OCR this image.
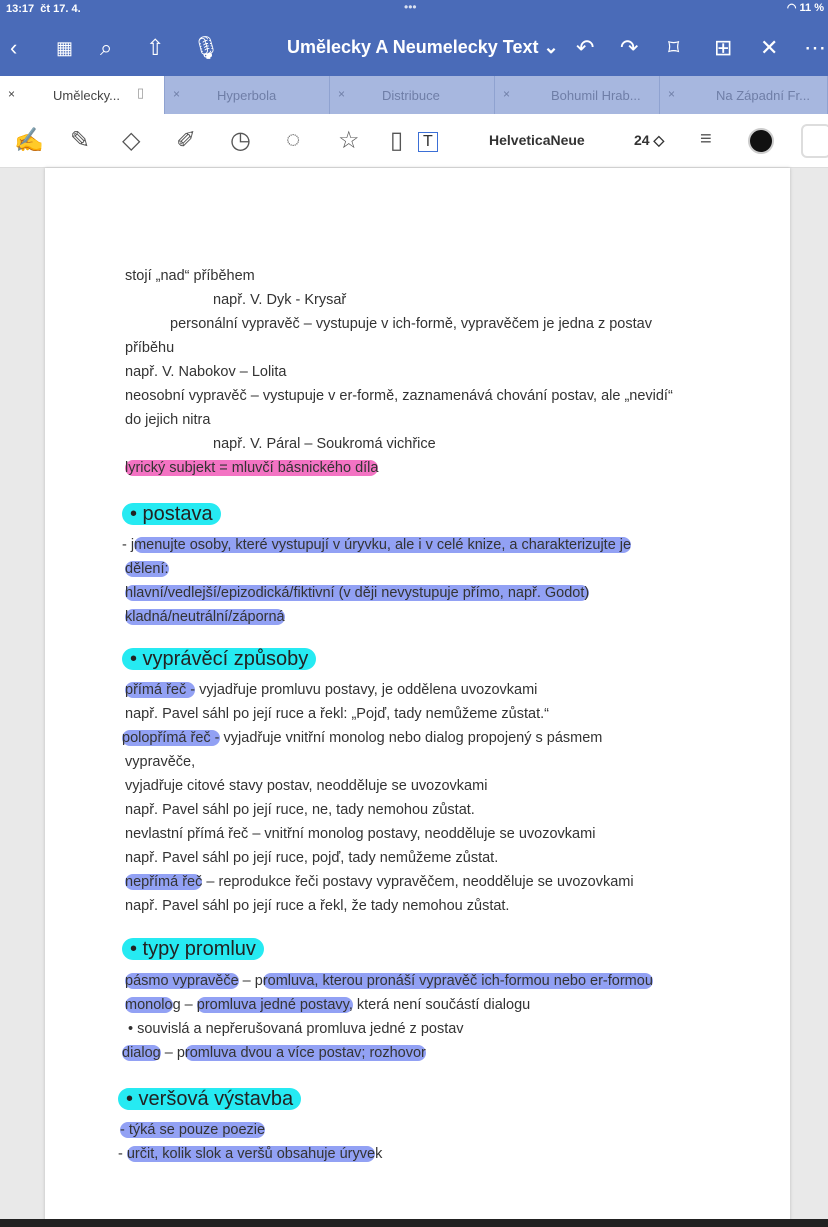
13:17 čt 17. 4.	•••	◠ 11 %
‹ ▦ ⌕ ⇧ 🎙	Umělecky A Neumelecky Text ⌄ ↶ ↷ ⌑ ⊞ ✕ ⋯
×	Umělecky... ▯ ×	Hyperbola	×	Distribuce	×	Bohumil Hrab... ×	Na Západní Fr...
✍ ✎ ◇ ✐ ◷ ◌ ☆ ▯	T	HelveticaNeue	24 ◇ ≡
stojí „nad“ příběhem
např. V. Dyk - Krysař
personální vypravěč – vystupuje v ich-formě, vypravěčem je jedna z postav
příběhu
např. V. Nabokov – Lolita
neosobní vypravěč – vystupuje v er-formě, zaznamenává chování postav, ale „nevidí“
do jejich nitra
např. V. Páral – Soukromá vichřice
lyrický subjekt = mluvčí básnického díla
• postava
- jmenujte osoby, které vystupují v úryvku, ale i v celé knize, a charakterizujte je
dělení:
hlavní/vedlejší/epizodická/fiktivní (v ději nevystupuje přímo, např. Godot)
kladná/neutrální/záporná
• vyprávěcí způsoby
přímá řeč - vyjadřuje promluvu postavy, je oddělena uvozovkami
např. Pavel sáhl po její ruce a řekl: „Pojď, tady nemůžeme zůstat.“
polopřímá řeč - vyjadřuje vnitřní monolog nebo dialog propojený s pásmem
vypravěče,
vyjadřuje citové stavy postav, neodděluje se uvozovkami
např. Pavel sáhl po její ruce, ne, tady nemohou zůstat.
nevlastní přímá řeč – vnitřní monolog postavy, neodděluje se uvozovkami
např. Pavel sáhl po její ruce, pojď, tady nemůžeme zůstat.
nepřímá řeč – reprodukce řeči postavy vypravěčem, neodděluje se uvozovkami
např. Pavel sáhl po její ruce a řekl, že tady nemohou zůstat.
• typy promluv
pásmo vypravěče – promluva, kterou pronáší vypravěč ich-formou nebo er-formou
monolog – promluva jedné postavy, která není součástí dialogu
• souvislá a nepřerušovaná promluva jedné z postav
dialog – promluva dvou a více postav; rozhovor
• veršová výstavba
- týká se pouze poezie
- určit, kolik slok a veršů obsahuje úryvek
